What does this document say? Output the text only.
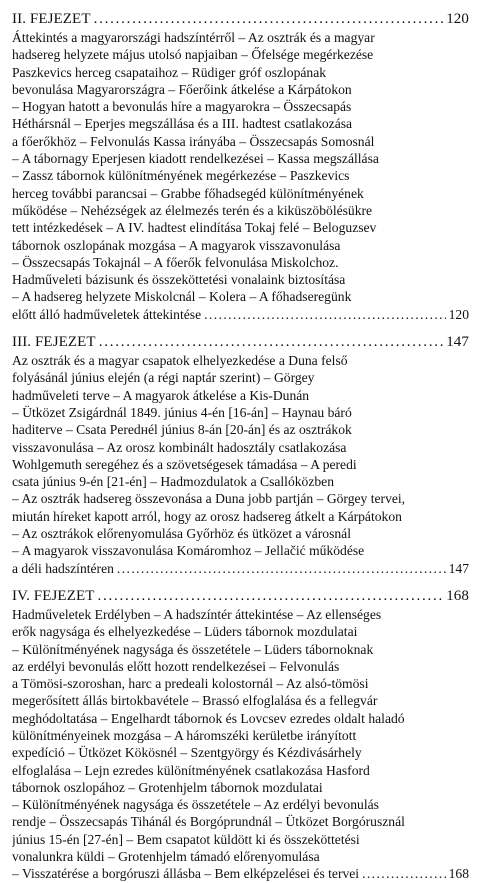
II. FEJEZET . . .	120
Áttekintés a magyarországi hadszíntérről – Az osztrák és a magyar
hadsereg helyzete május utolsó napjaiban – Őfelsége megérkezése
Paszkevics herceg csapataihoz – Rüdiger gróf oszlopának
bevonulása Magyarországra – Főerőink átkelése a Kárpátokon
– Hogyan hatott a bevonulás híre a magyarokra – Összecsapás
Héthársnál – Eperjes megszállása és a III. hadtest csatlakozása
a főerőkhöz – Felvonulás Kassa irányába – Összecsapás Somosnál
– A tábornagy Eperjesen kiadott rendelkezései – Kassa megszállása
– Zassz tábornok különítményének megérkezése – Paszkevics
herceg további parancsai – Grabbe főhadsegéd különítményének
működése – Nehézségek az élelmezés terén és a kiküszöbölésükre
tett intézkedések – A IV. hadtest elindítása Tokaj felé – Beloguzsev
tábornok oszlopának mozgása – A magyarok visszavonulása
– Összecsapás Tokajnál – A főerők felvonulása Miskolchoz.
Hadműveleti bázisunk és összeköttetési vonalaink biztosítása
– A hadsereg helyzete Miskolcnál – Kolera – A főhadseregünk
előtt álló hadműveletek áttekintése . . .	120
III. FEJEZET . . .	147
Az osztrák és a magyar csapatok elhelyezkedése a Duna felső
folyásánál június elején (a régi naptár szerint) – Görgey
hadműveleti terve – A magyarok átkelése a Kis-Dunán
– Ütközet Zsigárdnál 1849. június 4-én [16-án] – Haynau báró
haditerve – Csata Peredнél június 8-án [20-án] és az osztrákok
visszavonulása – Az orosz kombinált hadosztály csatlakozása
Wohlgemuth seregéhez és a szövetségesek támadása – A peredi
csata június 9-én [21-én] – Hadmozdulatok a Csallóközben
– Az osztrák hadsereg összevonása a Duna jobb partján – Görgey tervei,
miután híreket kapott arról, hogy az orosz hadsereg átkelt a Kárpátokon
– Az osztrákok előrenyomulása Győrhöz és ütközet a városnál
– A magyarok visszavonulása Komáromhoz – Jellačić működése
a déli hadszíntéren . . .	147
IV. FEJEZET . . .	168
Hadműveletek Erdélyben – A hadszíntér áttekintése – Az ellenséges
erők nagysága és elhelyezkedése – Lüders tábornok mozdulatai
– Különítményének nagysága és összetétele – Lüders tábornoknak
az erdélyi bevonulás előtt hozott rendelkezései – Felvonulás
a Tömösi-szoroshan, harc a predeali kolostornál – Az alsó-tömösi
megerősített állás birtokbavétele – Brassó elfoglalása és a fellegvár
meghódoltatása – Engelhardt tábornok és Lovcsev ezredes oldalt haladó
különítményeinek mozgása – A háromszéki kerületbe irányított
expedíció – Ütközet Kökösnél – Szentgyörgy és Kézdivásárhely
elfoglalása – Lejn ezredes különítményének csatlakozása Hasford
tábornok oszlopához – Grotenhjelm tábornok mozdulatai
– Különítményének nagysága és összetétele – Az erdélyi bevonulás
rendje – Összecsapás Tihánál és Borgóprundnál – Ütközet Borgórusznál
június 15-én [27-én] – Bem csapatot küldött ki és összeköttetési
vonalunkra küldi – Grotenhjelm támadó előrenyomulása
– Visszatérése a borgóruszi állásba – Bem elképzelései és tervei . . .	168
